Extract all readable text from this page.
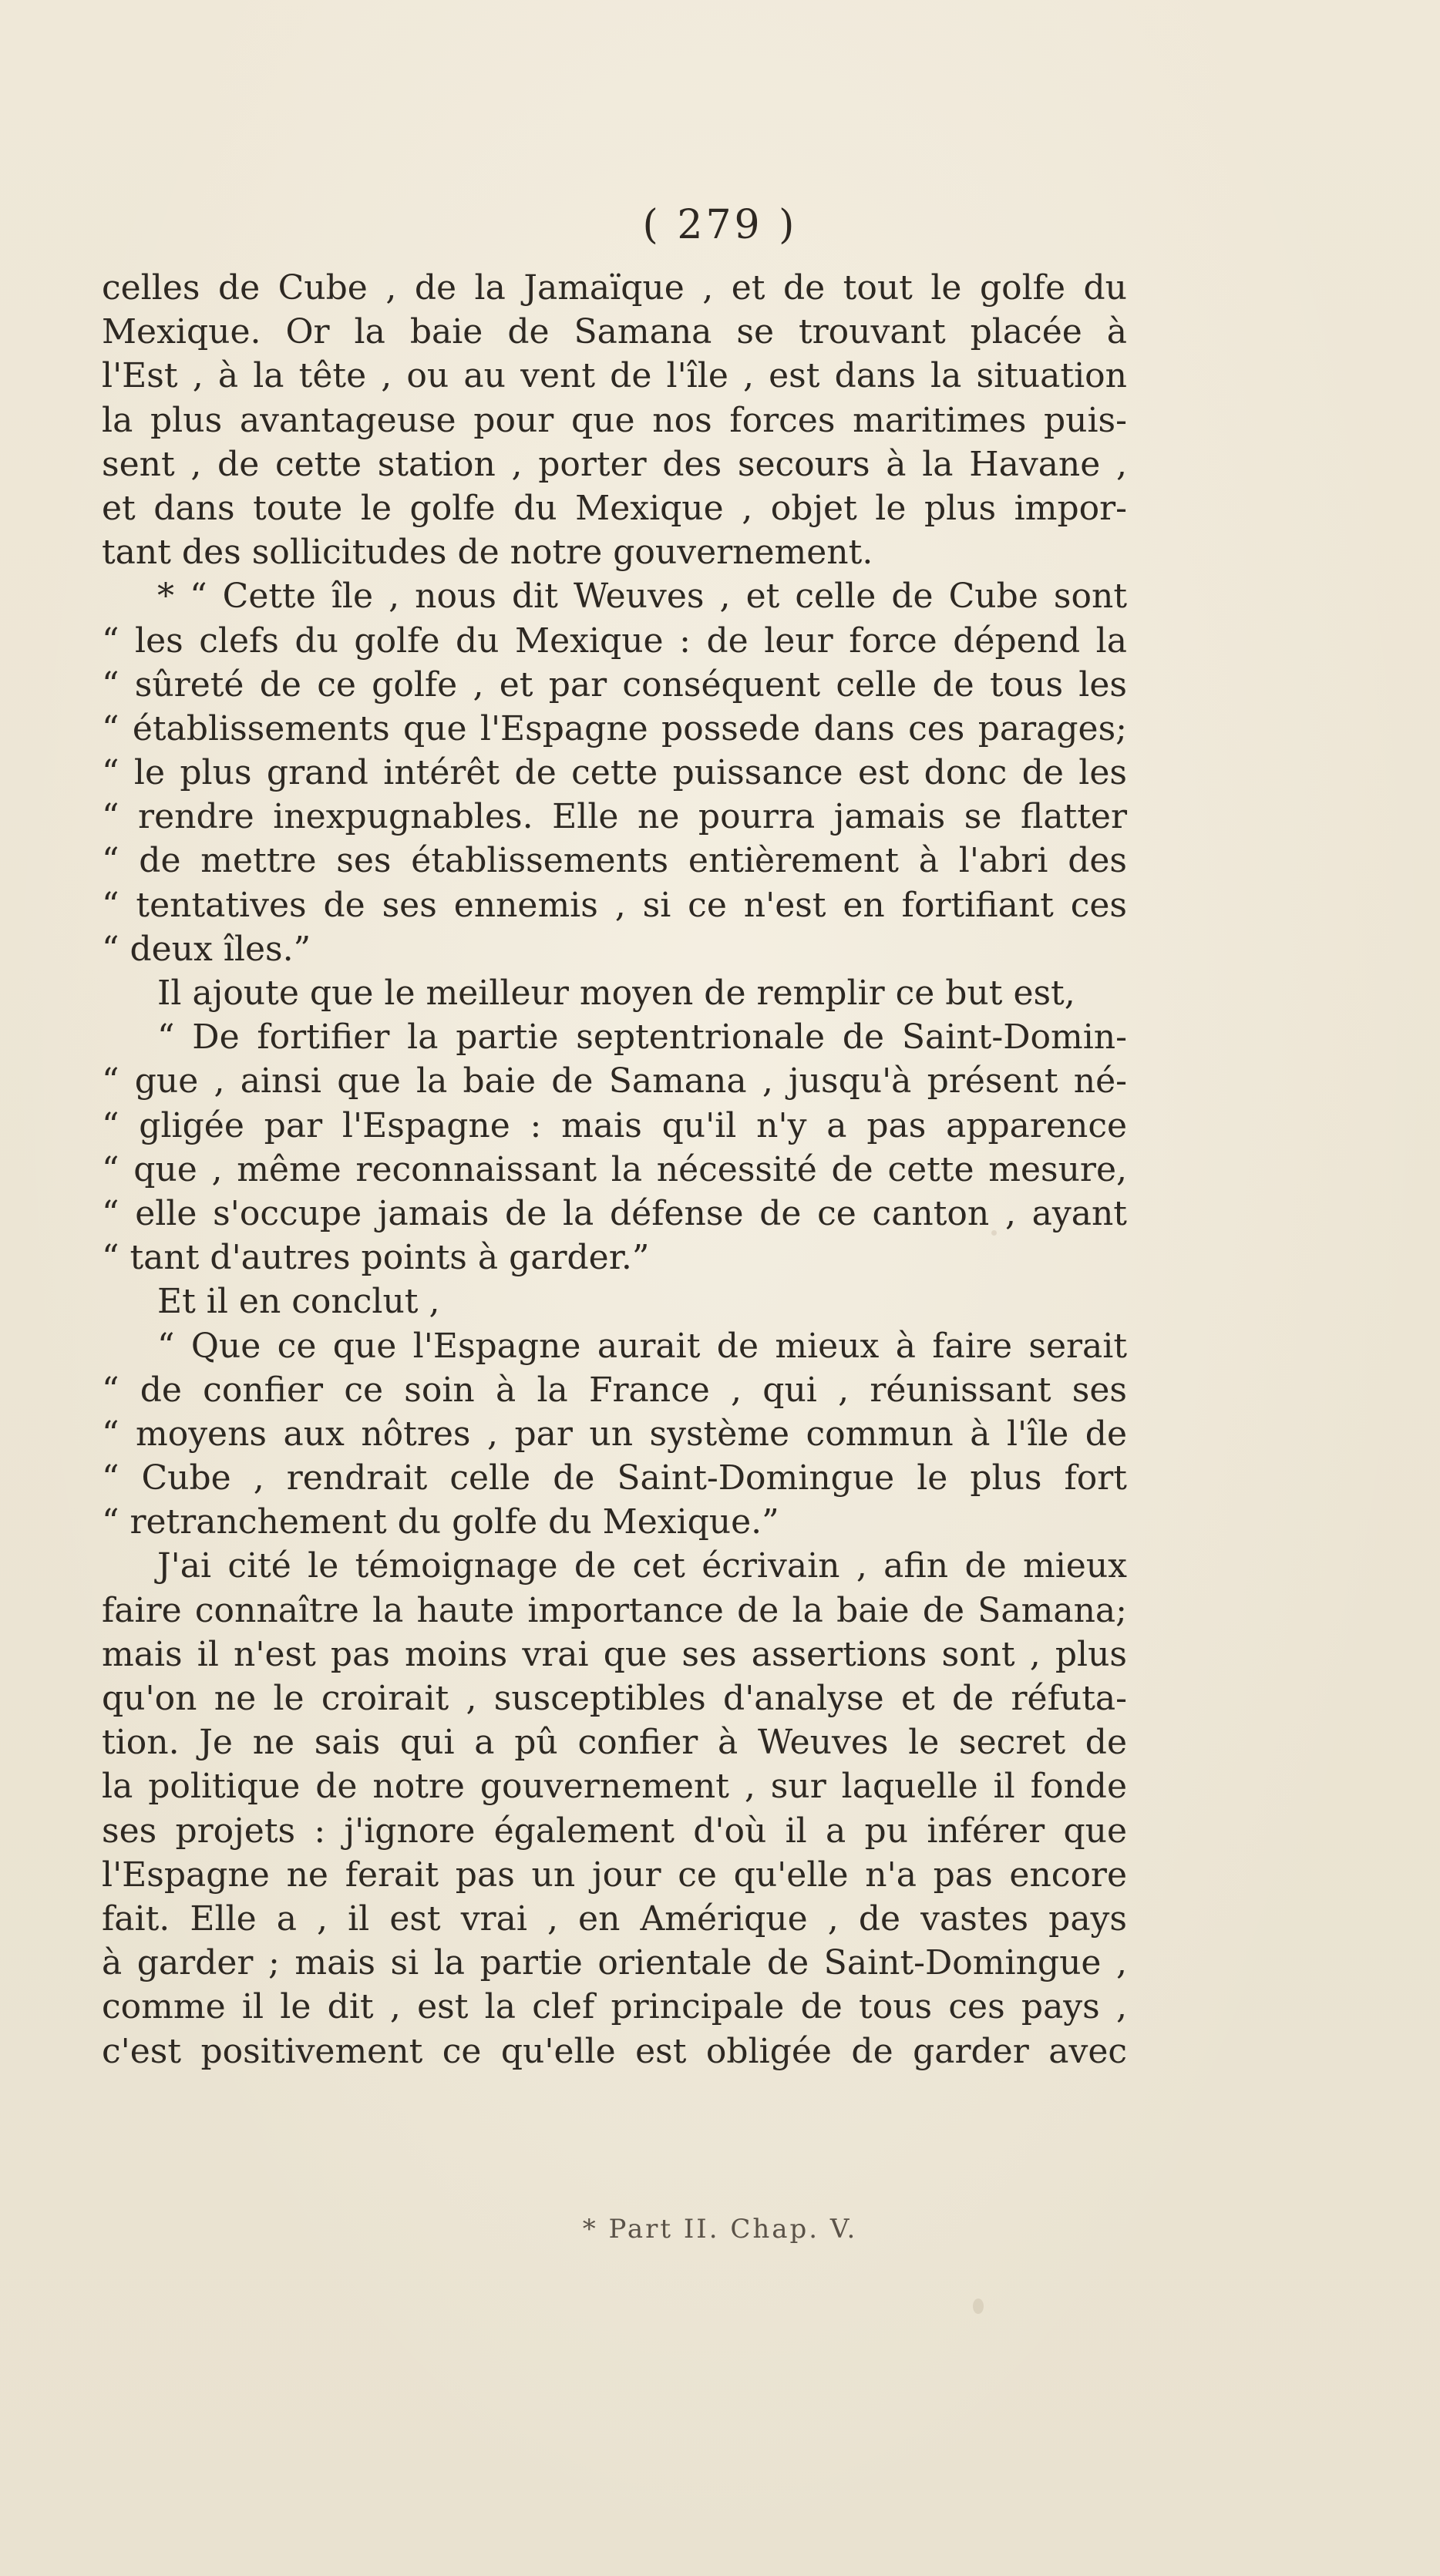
( 279 )
celles de Cube , de la Jamaïque , et de tout le golfe du
Mexique. Or la baie de Samana se trouvant placée à
l'Est , à la tête , ou au vent de l'île , est dans la situation
la plus avantageuse pour que nos forces maritimes puis-
sent , de cette station , porter des secours à la Havane ,
et dans toute le golfe du Mexique , objet le plus impor-
tant des sollicitudes de notre gouvernement.
* “ Cette île , nous dit Weuves , et celle de Cube sont
“ les clefs du golfe du Mexique : de leur force dépend la
“ sûreté de ce golfe , et par conséquent celle de tous les
“ établissements que l'Espagne possede dans ces parages;
“ le plus grand intérêt de cette puissance est donc de les
“ rendre inexpugnables. Elle ne pourra jamais se flatter
“ de mettre ses établissements entièrement à l'abri des
“ tentatives de ses ennemis , si ce n'est en fortifiant ces
“ deux îles.”
Il ajoute que le meilleur moyen de remplir ce but est,
“ De fortifier la partie septentrionale de Saint-Domin-
“ gue , ainsi que la baie de Samana , jusqu'à présent né-
“ gligée par l'Espagne : mais qu'il n'y a pas apparence
“ que , même reconnaissant la nécessité de cette mesure,
“ elle s'occupe jamais de la défense de ce canton , ayant
“ tant d'autres points à garder.”
Et il en conclut ,
“ Que ce que l'Espagne aurait de mieux à faire serait
“ de confier ce soin à la France , qui , réunissant ses
“ moyens aux nôtres , par un système commun à l'île de
“ Cube , rendrait celle de Saint-Domingue le plus fort
“ retranchement du golfe du Mexique.”
J'ai cité le témoignage de cet écrivain , afin de mieux
faire connaître la haute importance de la baie de Samana;
mais il n'est pas moins vrai que ses assertions sont , plus
qu'on ne le croirait , susceptibles d'analyse et de réfuta-
tion. Je ne sais qui a pû confier à Weuves le secret de
la politique de notre gouvernement , sur laquelle il fonde
ses projets : j'ignore également d'où il a pu inférer que
l'Espagne ne ferait pas un jour ce qu'elle n'a pas encore
fait. Elle a , il est vrai , en Amérique , de vastes pays
à garder ; mais si la partie orientale de Saint-Domingue ,
comme il le dit , est la clef principale de tous ces pays ,
c'est positivement ce qu'elle est obligée de garder avec
* Part II. Chap. V.
